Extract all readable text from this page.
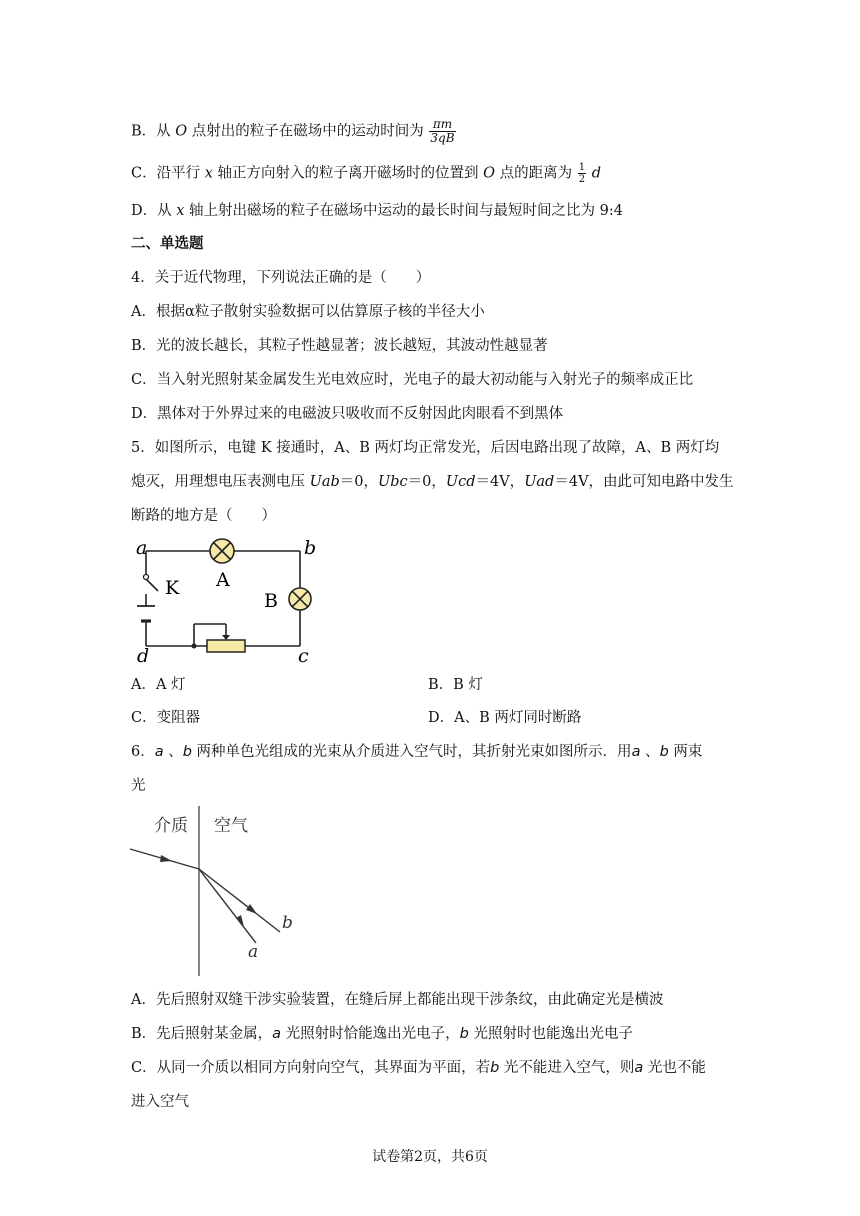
B．从 O 点射出的粒子在磁场中的运动时间为 $\frac{\pi m}{3qB}$
C．沿平行 x 轴正方向射入的粒子离开磁场时的位置到 O 点的距离为 $\frac{1}{2}$ d
D．从 x 轴上射出磁场的粒子在磁场中运动的最长时间与最短时间之比为 9:4
二、单选题
4．关于近代物理，下列说法正确的是（　　）
A．根据α粒子散射实验数据可以估算原子核的半径大小
B．光的波长越长，其粒子性越显著；波长越短，其波动性越显著
C．当入射光照射某金属发生光电效应时，光电子的最大初动能与入射光子的频率成正比
D．黑体对于外界过来的电磁波只吸收而不反射因此肉眼看不到黑体
5．如图所示，电键 K 接通时，A、B 两灯均正常发光，后因电路出现了故障，A、B 两灯均
熄灭，用理想电压表测电压 Uab＝0，Ubc＝0，Ucd＝4V，Uad＝4V，由此可知电路中发生
断路的地方是（　　）
a	b
c
d
K A
B
A．A 灯	B．B 灯
C．变阻器	D．A、B 两灯同时断路
6．a 、b 两种单色光组成的光束从介质进入空气时，其折射光束如图所示．用a 、b 两束
光
介质 空气
b
a
A．先后照射双缝干涉实验装置，在缝后屏上都能出现干涉条纹，由此确定光是横波
B．先后照射某金属，a 光照射时恰能逸出光电子，b 光照射时也能逸出光电子
C．从同一介质以相同方向射向空气，其界面为平面，若b 光不能进入空气，则a 光也不能
进入空气
试卷第2页，共6页
